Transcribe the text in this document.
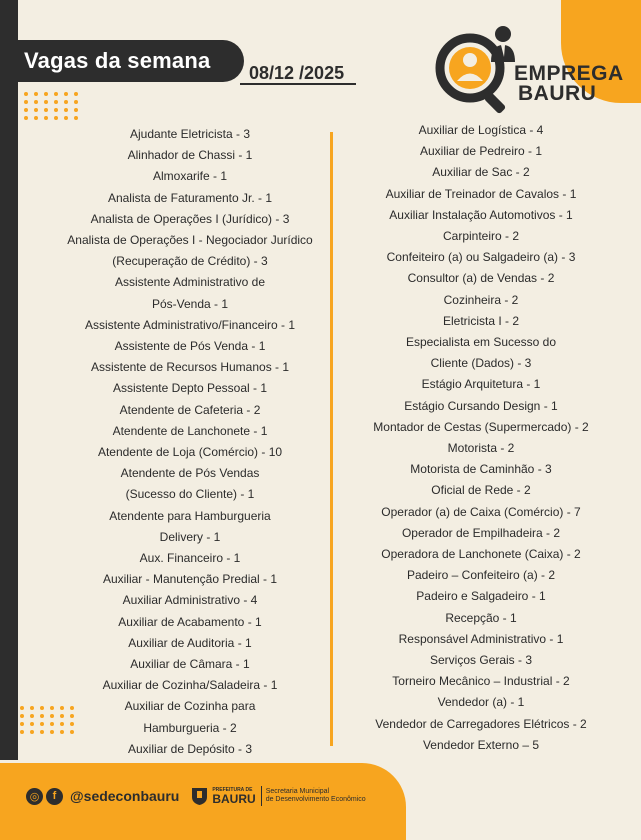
Vagas da semana 08/12 /2025	EMPREGA
BAURU
Ajudante Eletricista - 3
Alinhador de Chassi - 1
Almoxarife - 1
Analista de Faturamento Jr. - 1
Analista de Operações I (Jurídico) - 3
Analista de Operações I - Negociador Jurídico
(Recuperação de Crédito) - 3
Assistente Administrativo de
Pós-Venda - 1
Assistente Administrativo/Financeiro - 1
Assistente de Pós Venda - 1
Assistente de Recursos Humanos - 1
Assistente Depto Pessoal - 1
Atendente de Cafeteria - 2
Atendente de Lanchonete - 1
Atendente de Loja (Comércio) - 10
Atendente de Pós Vendas
(Sucesso do Cliente) - 1
Atendente para Hamburgueria
Delivery - 1
Aux. Financeiro - 1
Auxiliar - Manutenção Predial - 1
Auxiliar Administrativo - 4
Auxiliar de Acabamento - 1
Auxiliar de Auditoria - 1
Auxiliar de Câmara - 1
Auxiliar de Cozinha/Saladeira - 1
Auxiliar de Cozinha para
Hamburgueria - 2
Auxiliar de Depósito - 3
Auxiliar de Logística - 4
Auxiliar de Pedreiro - 1
Auxiliar de Sac - 2
Auxiliar de Treinador de Cavalos - 1
Auxiliar Instalação Automotivos - 1
Carpinteiro - 2
Confeiteiro (a) ou Salgadeiro (a) - 3
Consultor (a) de Vendas - 2
Cozinheira - 2
Eletricista I - 2
Especialista em Sucesso do
Cliente (Dados) - 3
Estágio Arquitetura - 1
Estágio Cursando Design - 1
Montador de Cestas (Supermercado) - 2
Motorista - 2
Motorista de Caminhão - 3
Oficial de Rede - 2
Operador (a) de Caixa (Comércio) - 7
Operador de Empilhadeira - 2
Operadora de Lanchonete (Caixa) - 2
Padeiro – Confeiteiro (a) - 2
Padeiro e Salgadeiro - 1
Recepção - 1
Responsável Administrativo - 1
Serviços Gerais - 3
Torneiro Mecânico – Industrial - 2
Vendedor (a) - 1
Vendedor de Carregadores Elétricos - 2
Vendedor Externo – 5
◎	f @sedeconbauru	PREFEITURA DE
BAURU Secretaria Municipal
de Desenvolvimento Econômico
